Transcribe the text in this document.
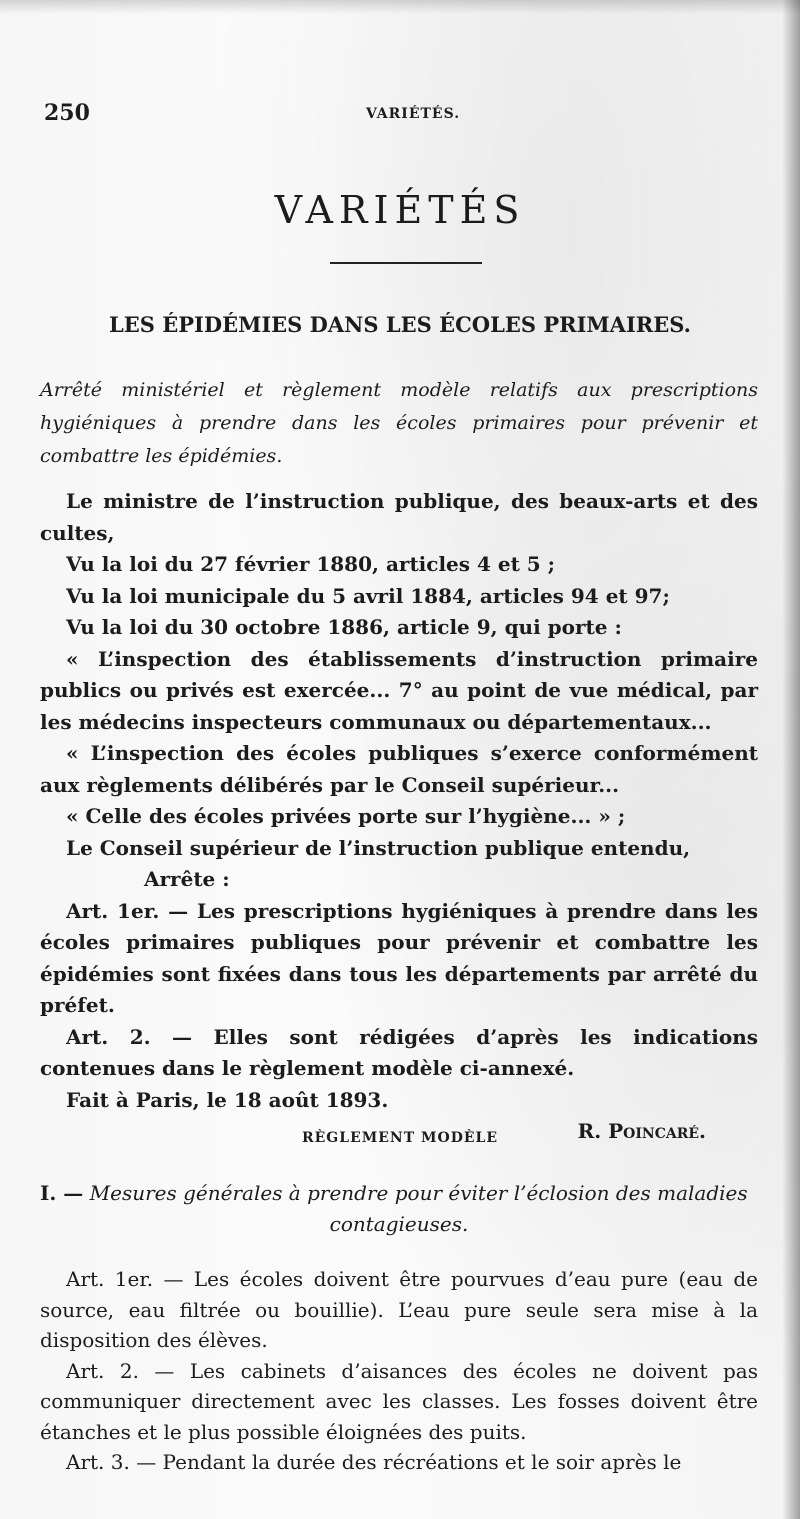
250	VARIÉTÉS.
VARIÉTÉS
LES ÉPIDÉMIES DANS LES ÉCOLES PRIMAIRES.
Arrêté ministériel et règlement modèle relatifs aux prescriptions hygiéniques à prendre dans les écoles primaires pour prévenir et combattre les épidémies.

Le ministre de l’instruction publique, des beaux-arts et des cultes,

Vu la loi du 27 février 1880, articles 4 et 5 ;

Vu la loi municipale du 5 avril 1884, articles 94 et 97;

Vu la loi du 30 octobre 1886, article 9, qui porte :

« L’inspection des établissements d’instruction primaire publics ou privés est exercée... 7° au point de vue médical, par les médecins inspecteurs communaux ou départementaux...

« L’inspection des écoles publiques s’exerce conformément aux règlements délibérés par le Conseil supérieur...

« Celle des écoles privées porte sur l’hygiène... » ;

Le Conseil supérieur de l’instruction publique entendu,

Arrête :

Art. 1er. — Les prescriptions hygiéniques à prendre dans les écoles primaires publiques pour prévenir et combattre les épidémies sont fixées dans tous les départements par arrêté du préfet.

Art. 2. — Elles sont rédigées d’après les indications contenues dans le règlement modèle ci-annexé.

Fait à Paris, le 18 août 1893.

R. Poincaré.

RÈGLEMENT MODÈLE
I. — Mesures générales à prendre pour éviter l’éclosion des maladies
contagieuses.

Art. 1er. — Les écoles doivent être pourvues d’eau pure (eau de source, eau filtrée ou bouillie). L’eau pure seule sera mise à la disposition des élèves.

Art. 2. — Les cabinets d’aisances des écoles ne doivent pas communiquer directement avec les classes. Les fosses doivent être étanches et le plus possible éloignées des puits.

Art. 3. — Pendant la durée des récréations et le soir après le
